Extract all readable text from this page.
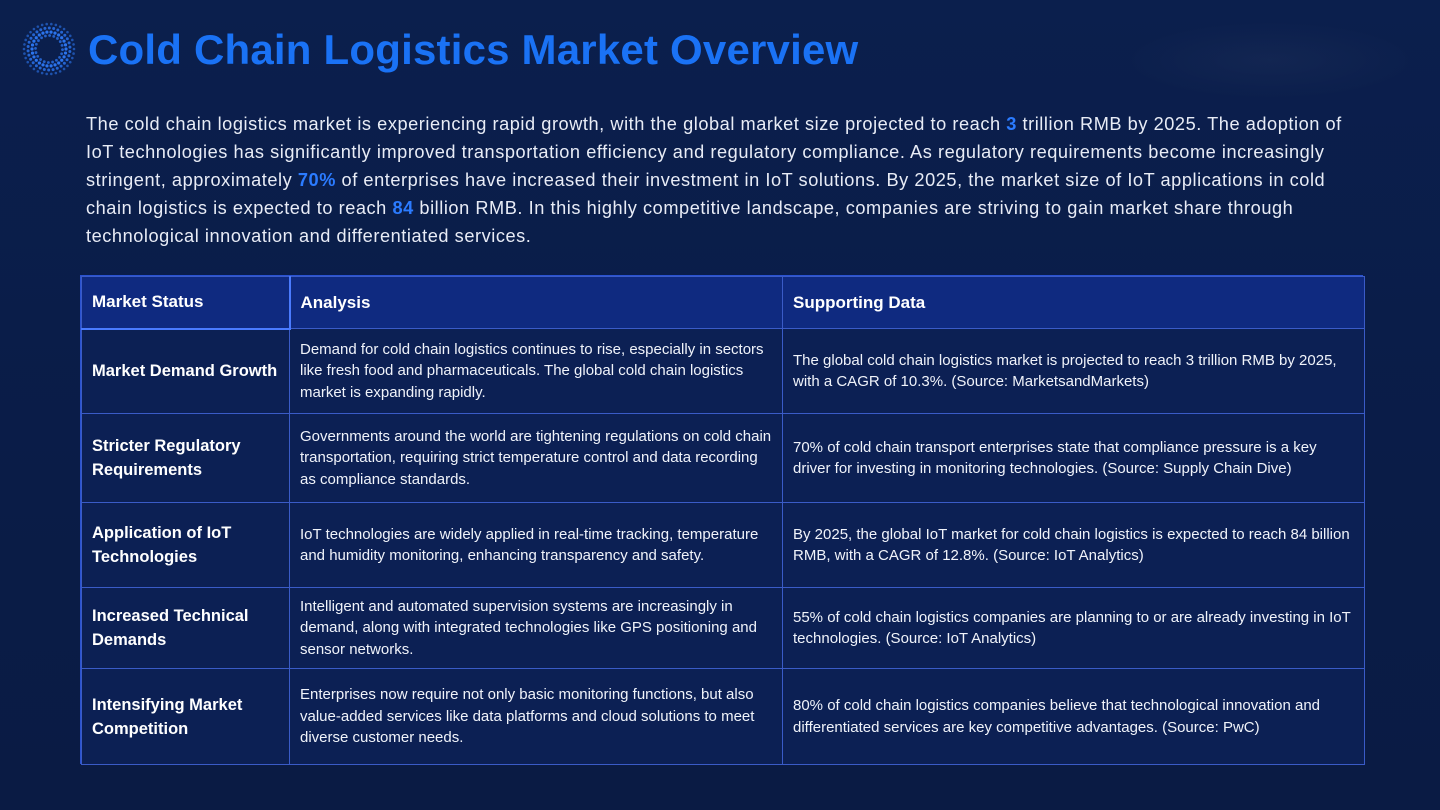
Cold Chain Logistics Market Overview

The cold chain logistics market is experiencing rapid growth, with the global market size projected to reach 3 trillion RMB by 2025. The adoption of IoT technologies has significantly improved transportation efficiency and regulatory compliance. As regulatory requirements become increasingly stringent, approximately 70% of enterprises have increased their investment in IoT solutions. By 2025, the market size of IoT applications in cold chain logistics is expected to reach 84 billion RMB. In this highly competitive landscape, companies are striving to gain market share through technological innovation and differentiated services.

Market Status	Analysis	Supporting Data
Market Demand Growth	Demand for cold chain logistics continues to rise, especially in sectors like fresh food and pharmaceuticals. The global cold chain logistics market is expanding rapidly.	The global cold chain logistics market is projected to reach 3 trillion RMB by 2025, with a CAGR of 10.3%. (Source: MarketsandMarkets)
Stricter Regulatory Requirements	Governments around the world are tightening regulations on cold chain transportation, requiring strict temperature control and data recording as compliance standards.	70% of cold chain transport enterprises state that compliance pressure is a key driver for investing in monitoring technologies. (Source: Supply Chain Dive)
Application of IoT Technologies	IoT technologies are widely applied in real-time tracking, temperature and humidity monitoring, enhancing transparency and safety.	By 2025, the global IoT market for cold chain logistics is expected to reach 84 billion RMB, with a CAGR of 12.8%. (Source: IoT Analytics)
Increased Technical Demands	Intelligent and automated supervision systems are increasingly in demand, along with integrated technologies like GPS positioning and sensor networks.	55% of cold chain logistics companies are planning to or are already investing in IoT technologies. (Source: IoT Analytics)
Intensifying Market Competition	Enterprises now require not only basic monitoring functions, but also value-added services like data platforms and cloud solutions to meet diverse customer needs.	80% of cold chain logistics companies believe that technological innovation and differentiated services are key competitive advantages. (Source: PwC)
